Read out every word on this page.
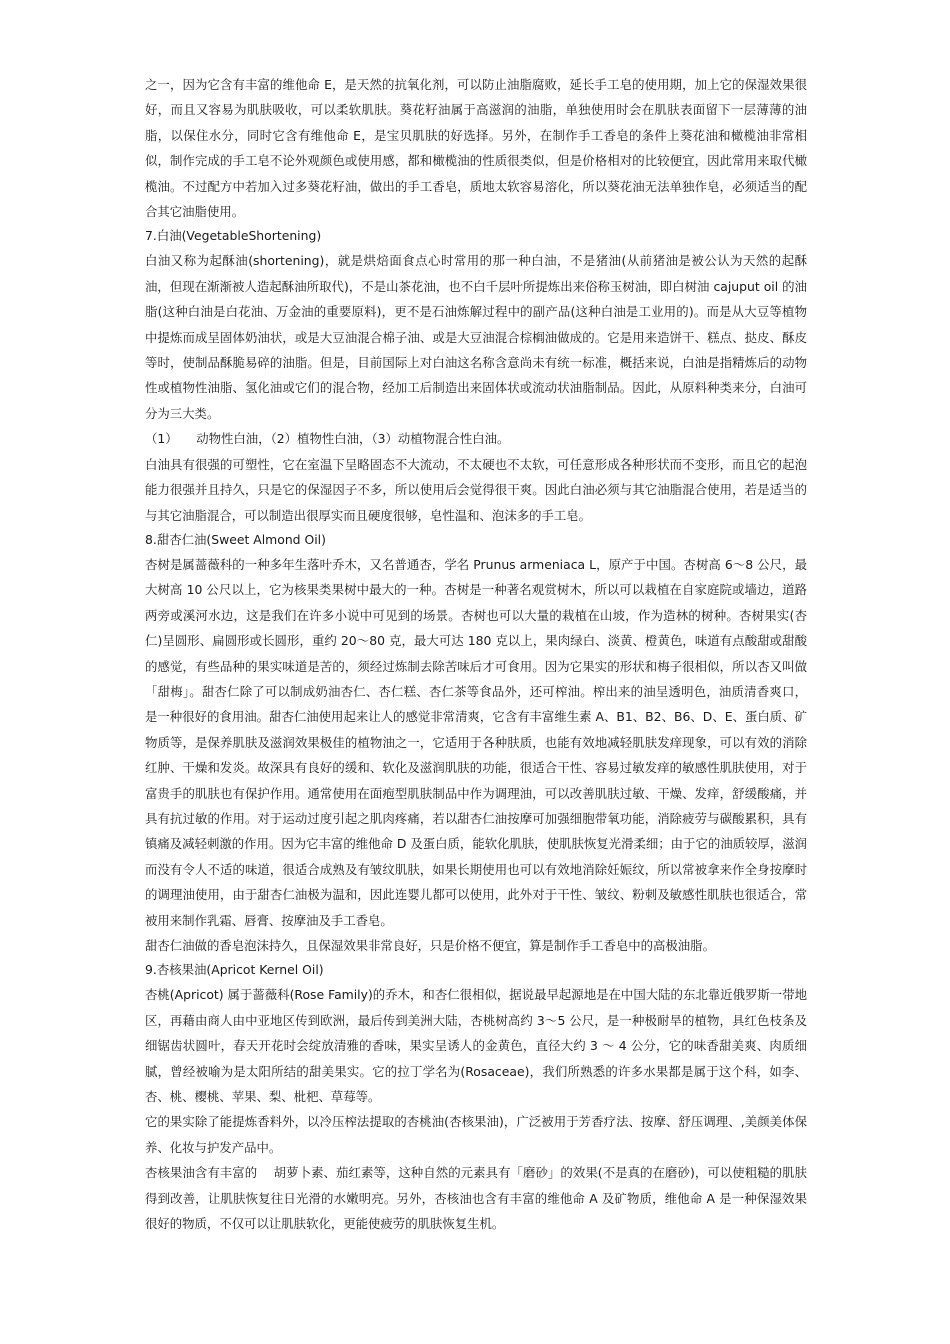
之一，因为它含有丰富的维他命 E，是天然的抗氧化剂，可以防止油脂腐败，延长手工皂的使用期，加上它的保湿效果很好，而且又容易为肌肤吸收，可以柔软肌肤。葵花籽油属于高滋润的油脂，单独使用时会在肌肤表面留下一层薄薄的油脂，以保住水分，同时它含有维他命 E，是宝贝肌肤的好选择。另外，在制作手工香皂的条件上葵花油和橄榄油非常相似，制作完成的手工皂不论外观颜色或使用感，都和橄榄油的性质很类似，但是价格相对的比较便宜，因此常用来取代橄榄油。不过配方中若加入过多葵花籽油，做出的手工香皂，质地太软容易溶化，所以葵花油无法单独作皂，必须适当的配合其它油脂使用。

7.白油(VegetableShortening)

白油又称为起酥油(shortening)，就是烘焙面食点心时常用的那一种白油，不是猪油(从前猪油是被公认为天然的起酥油，但现在渐渐被人造起酥油所取代)，不是山茶花油，也不白千层叶所提炼出来俗称玉树油，即白树油 cajuput oil 的油脂(这种白油是白花油、万金油的重要原料)，更不是石油炼解过程中的副产品(这种白油是工业用的)。而是从大豆等植物中提炼而成呈固体奶油状，或是大豆油混合棉子油、或是大豆油混合棕榈油做成的。它是用来造饼干、糕点、挞皮、酥皮　等时，使制品酥脆易碎的油脂。但是，目前国际上对白油这名称含意尚未有统一标准，概括来说，白油是指精炼后的动物性或植物性油脂、氢化油或它们的混合物，经加工后制造出来固体状或流动状油脂制品。因此，从原料种类来分，白油可分为三大类。

（1）　　动物性白油，（2）植物性白油，（3）动植物混合性白油。

白油具有很强的可塑性，它在室温下呈略固态不大流动，不太硬也不太软，可任意形成各种形状而不变形，而且它的起泡能力很强并且持久，只是它的保湿因子不多，所以使用后会觉得很干爽。因此白油必须与其它油脂混合使用，若是适当的与其它油脂混合，可以制造出很厚实而且硬度很够，皂性温和、泡沫多的手工皂。

8.甜杏仁油(Sweet Almond Oil)

杏树是属蔷薇科的一种多年生落叶乔木，又名普通杏，学名 Prunus armeniaca L，原产于中国。杏树高 6～8 公尺，最大树高 10 公尺以上，它为核果类果树中最大的一种。杏树是一种著名观赏树木，所以可以栽植在自家庭院或墙边，道路两旁或溪河水边，这是我们在许多小说中可见到的场景。杏树也可以大量的栽植在山坡，作为造林的树种。杏树果实(杏仁)呈圆形、扁圆形或长圆形，重约 20～80 克，最大可达 180 克以上，果肉绿白、淡黄、橙黄色，味道有点酸甜或甜酸的感觉，有些品种的果实味道是苦的，须经过炼制去除苦味后才可食用。因为它果实的形状和梅子很相似，所以杏又叫做「甜梅」。甜杏仁除了可以制成奶油杏仁、杏仁糕、杏仁茶等食品外，还可榨油。榨出来的油呈透明色，油质清香爽口，是一种很好的食用油。甜杏仁油使用起来让人的感觉非常清爽，它含有丰富维生素 A、B1、B2、B6、D、E、蛋白质、矿物质等，是保养肌肤及滋润效果极佳的植物油之一，它适用于各种肤质，也能有效地减轻肌肤发痒现象，可以有效的消除红肿、干燥和发炎。故深具有良好的缓和、软化及滋润肌肤的功能，很适合干性、容易过敏发痒的敏感性肌肤使用，对于富贵手的肌肤也有保护作用。通常使用在面疱型肌肤制品中作为调理油，可以改善肌肤过敏、干燥、发痒，舒缓酸痛，并具有抗过敏的作用。对于运动过度引起之肌肉疼痛，若以甜杏仁油按摩可加强细胞带氧功能，消除疲劳与碳酸累积，具有镇痛及减轻刺激的作用。因为它丰富的维他命 D 及蛋白质，能软化肌肤，使肌肤恢复光滑柔细；由于它的油质较厚，滋润而没有令人不适的味道，很适合成熟及有皱纹肌肤，如果长期使用也可以有效地消除妊娠纹，所以常被拿来作全身按摩时的调理油使用，由于甜杏仁油极为温和，因此连婴儿都可以使用，此外对于干性、皱纹、粉刺及敏感性肌肤也很适合，常被用来制作乳霜、唇膏、按摩油及手工香皂。

甜杏仁油做的香皂泡沫持久，且保湿效果非常良好，只是价格不便宜，算是制作手工香皂中的高极油脂。

9.杏核果油(Apricot Kernel Oil)

杏桃(Apricot) 属于蔷薇科(Rose Family)的乔木，和杏仁很相似，据说最早起源地是在中国大陆的东北靠近俄罗斯一带地区，再藉由商人由中亚地区传到欧洲，最后传到美洲大陆，杏桃树高约 3～5 公尺，是一种极耐旱的植物，具红色枝条及细锯齿状圆叶，春天开花时会绽放清雅的香味，果实呈诱人的金黄色，直径大约 3 ～ 4 公分，它的味香甜美爽、肉质细腻，曾经被喻为是太阳所结的甜美果实。它的拉丁学名为(Rosaceae)，我们所熟悉的许多水果都是属于这个科，如李、杏、桃、樱桃、苹果、梨、枇杷、草莓等。

它的果实除了能提炼香料外，以冷压榨法提取的杏桃油(杏核果油)，广泛被用于芳香疗法、按摩、舒压调理、,美颜美体保养、化妆与护发产品中。

杏核果油含有丰富的　 胡萝卜素、茄红素等，这种自然的元素具有「磨砂」的效果(不是真的在磨砂)，可以使粗糙的肌肤得到改善，让肌肤恢复往日光滑的水嫩明亮。另外，杏核油也含有丰富的维他命 A 及矿物质，维他命 A 是一种保湿效果很好的物质，不仅可以让肌肤软化，更能使疲劳的肌肤恢复生机。
